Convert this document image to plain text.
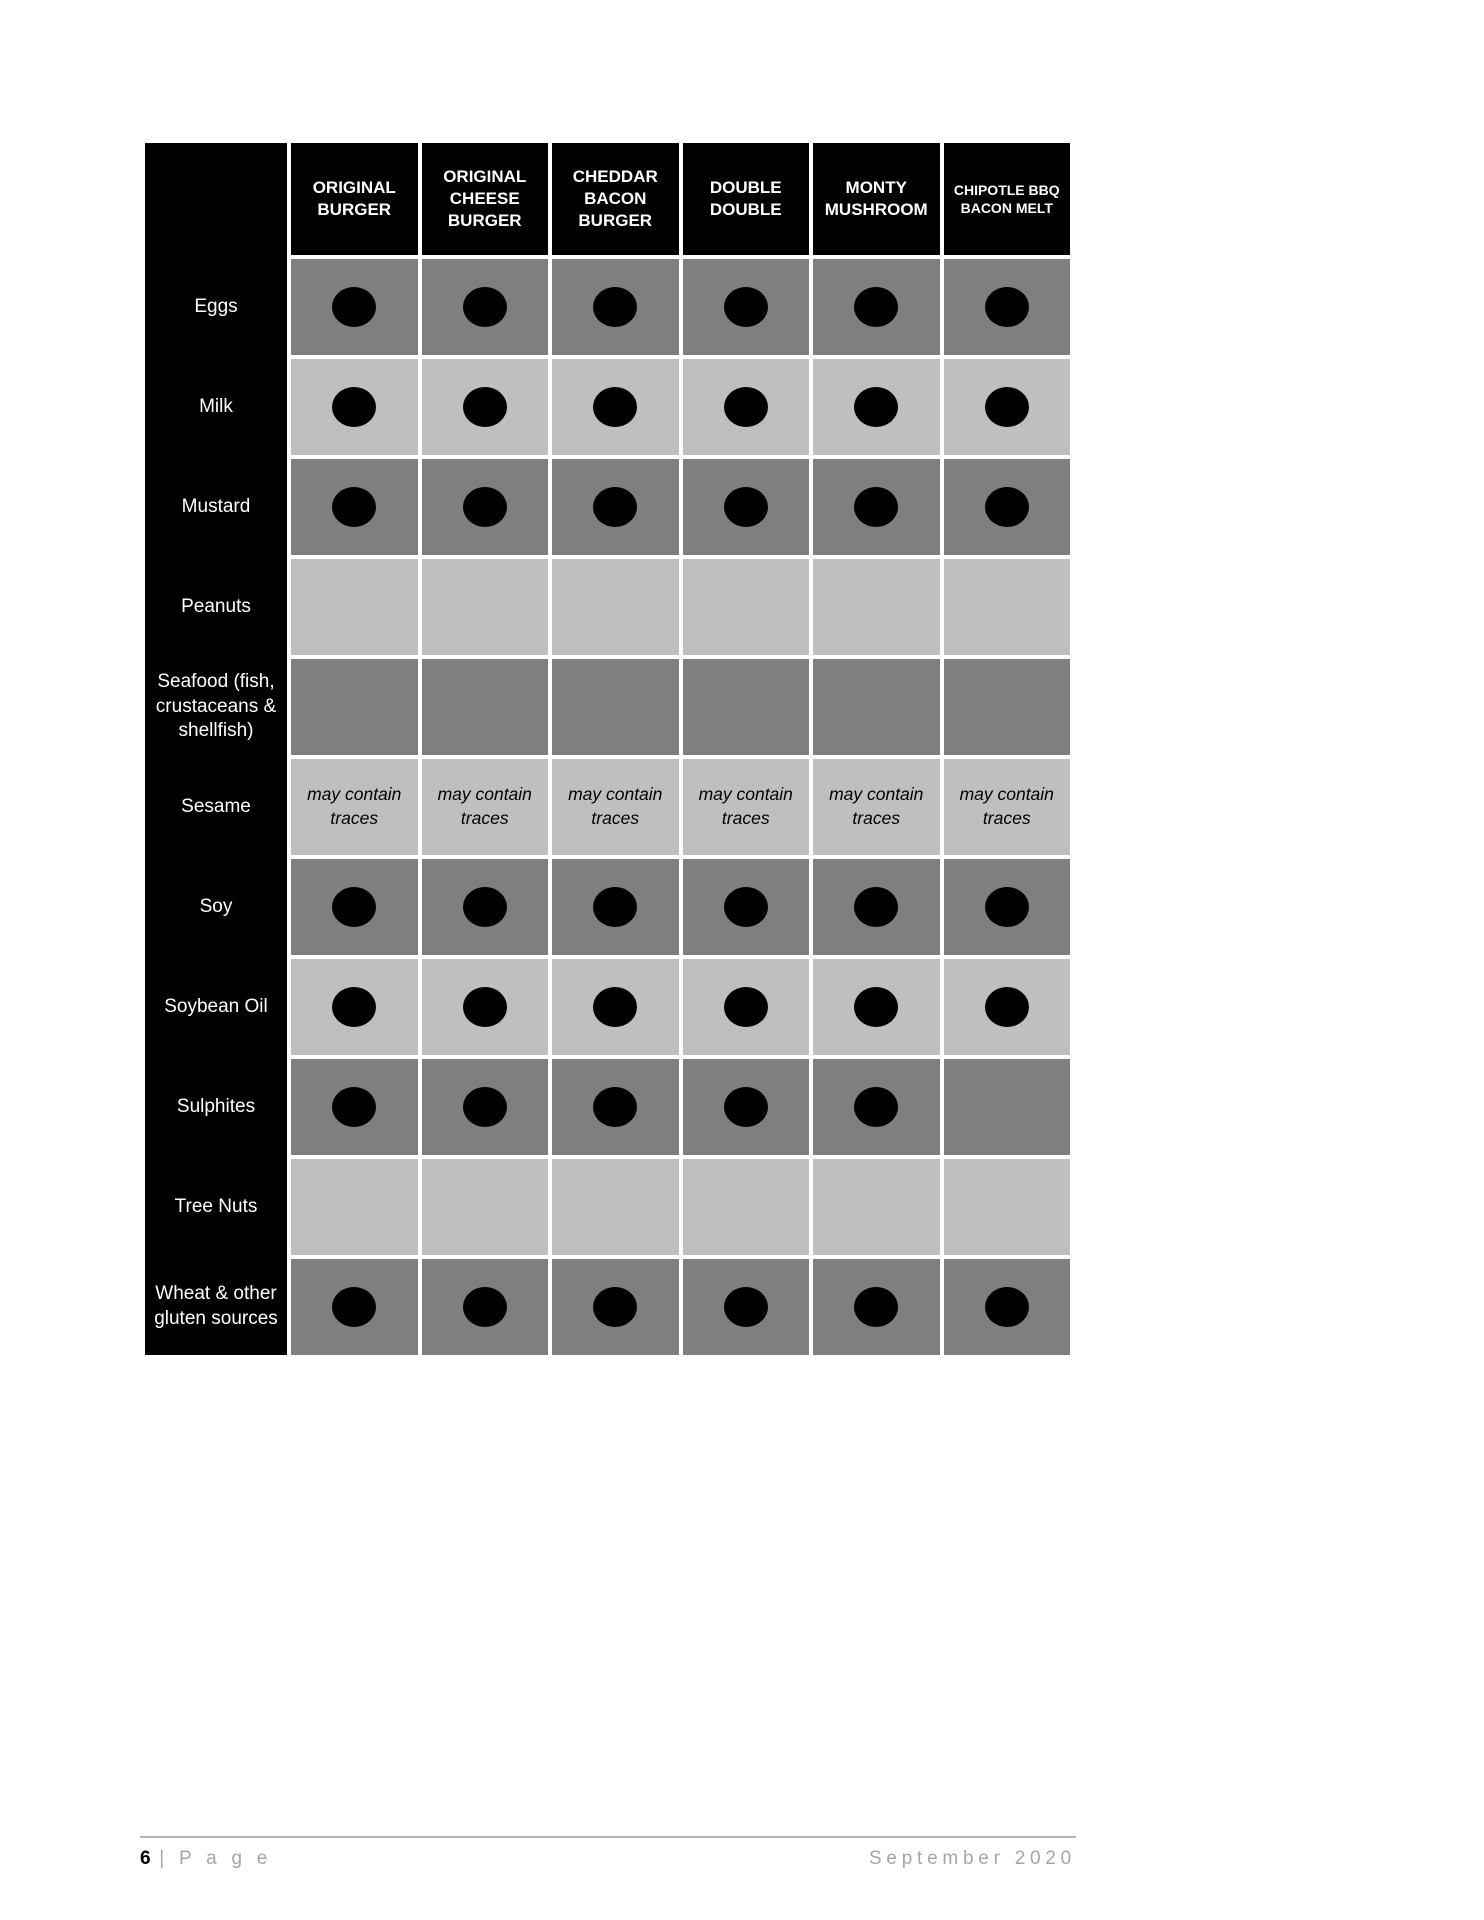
ORIGINAL BURGER
ORIGINAL CHEESE BURGER
CHEDDAR BACON BURGER
DOUBLE DOUBLE
MONTY MUSHROOM
CHIPOTLE BBQ BACON MELT
Eggs
Milk
Mustard
Peanuts
Seafood (fish, crustaceans & shellfish)
Sesame
may contain traces
may contain traces
may contain traces
may contain traces
may contain traces
may contain traces
Soy
Soybean Oil
Sulphites
Tree Nuts
Wheat & other gluten sources
6 | P a g e	September 2020
